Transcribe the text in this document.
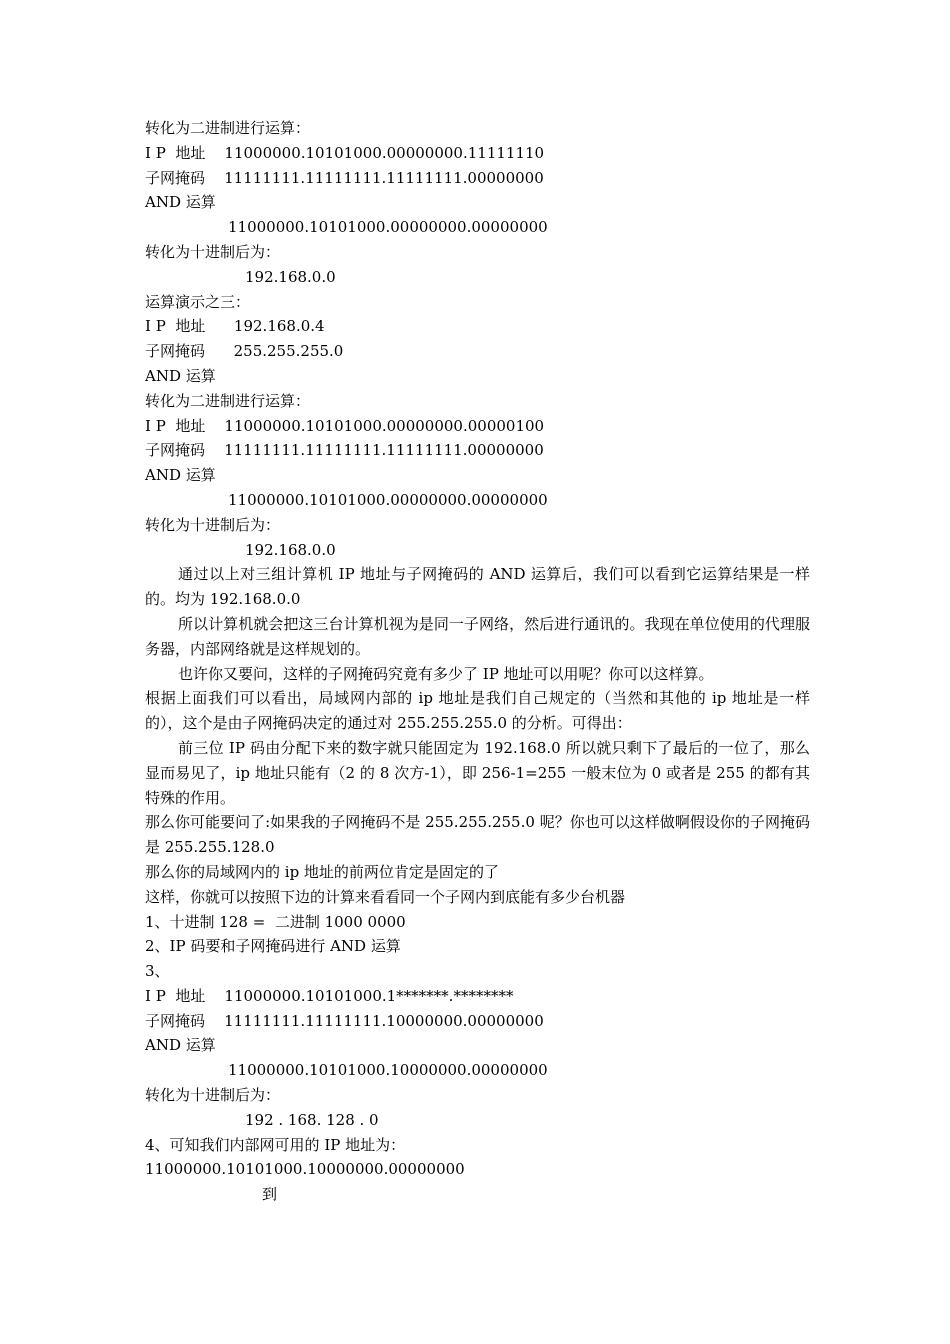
转化为二进制进行运算：
I P  地址    11000000.10101000.00000000.11111110
子网掩码    11111111.11111111.11111111.00000000
AND 运算
11000000.10101000.00000000.00000000
转化为十进制后为：
192.168.0.0
运算演示之三：
I P  地址      192.168.0.4
子网掩码      255.255.255.0
AND 运算
转化为二进制进行运算：
I P  地址    11000000.10101000.00000000.00000100
子网掩码    11111111.11111111.11111111.00000000
AND 运算
11000000.10101000.00000000.00000000
转化为十进制后为：
192.168.0.0
通过以上对三组计算机 IP 地址与子网掩码的 AND 运算后，我们可以看到它运算结果是一样的。均为 192.168.0.0
所以计算机就会把这三台计算机视为是同一子网络，然后进行通讯的。我现在单位使用的代理服务器，内部网络就是这样规划的。
也许你又要问，这样的子网掩码究竟有多少了 IP 地址可以用呢？你可以这样算。
根据上面我们可以看出，局域网内部的 ip 地址是我们自己规定的（当然和其他的 ip 地址是一样的），这个是由子网掩码决定的通过对 255.255.255.0 的分析。可得出：
前三位 IP 码由分配下来的数字就只能固定为 192.168.0 所以就只剩下了最后的一位了，那么显而易见了，ip 地址只能有（2 的 8 次方-1），即 256-1=255 一般末位为 0 或者是 255 的都有其特殊的作用。
那么你可能要问了:如果我的子网掩码不是 255.255.255.0 呢？你也可以这样做啊假设你的子网掩码是 255.255.128.0
那么你的局域网内的 ip 地址的前两位肯定是固定的了
这样，你就可以按照下边的计算来看看同一个子网内到底能有多少台机器
1、十进制 128 =  二进制 1000 0000
2、IP 码要和子网掩码进行 AND 运算
3、
I P  地址    11000000.10101000.1*******.********
子网掩码    11111111.11111111.10000000.00000000
AND 运算
11000000.10101000.10000000.00000000
转化为十进制后为：
192 . 168. 128 . 0
4、可知我们内部网可用的 IP 地址为：
11000000.10101000.10000000.00000000
到
